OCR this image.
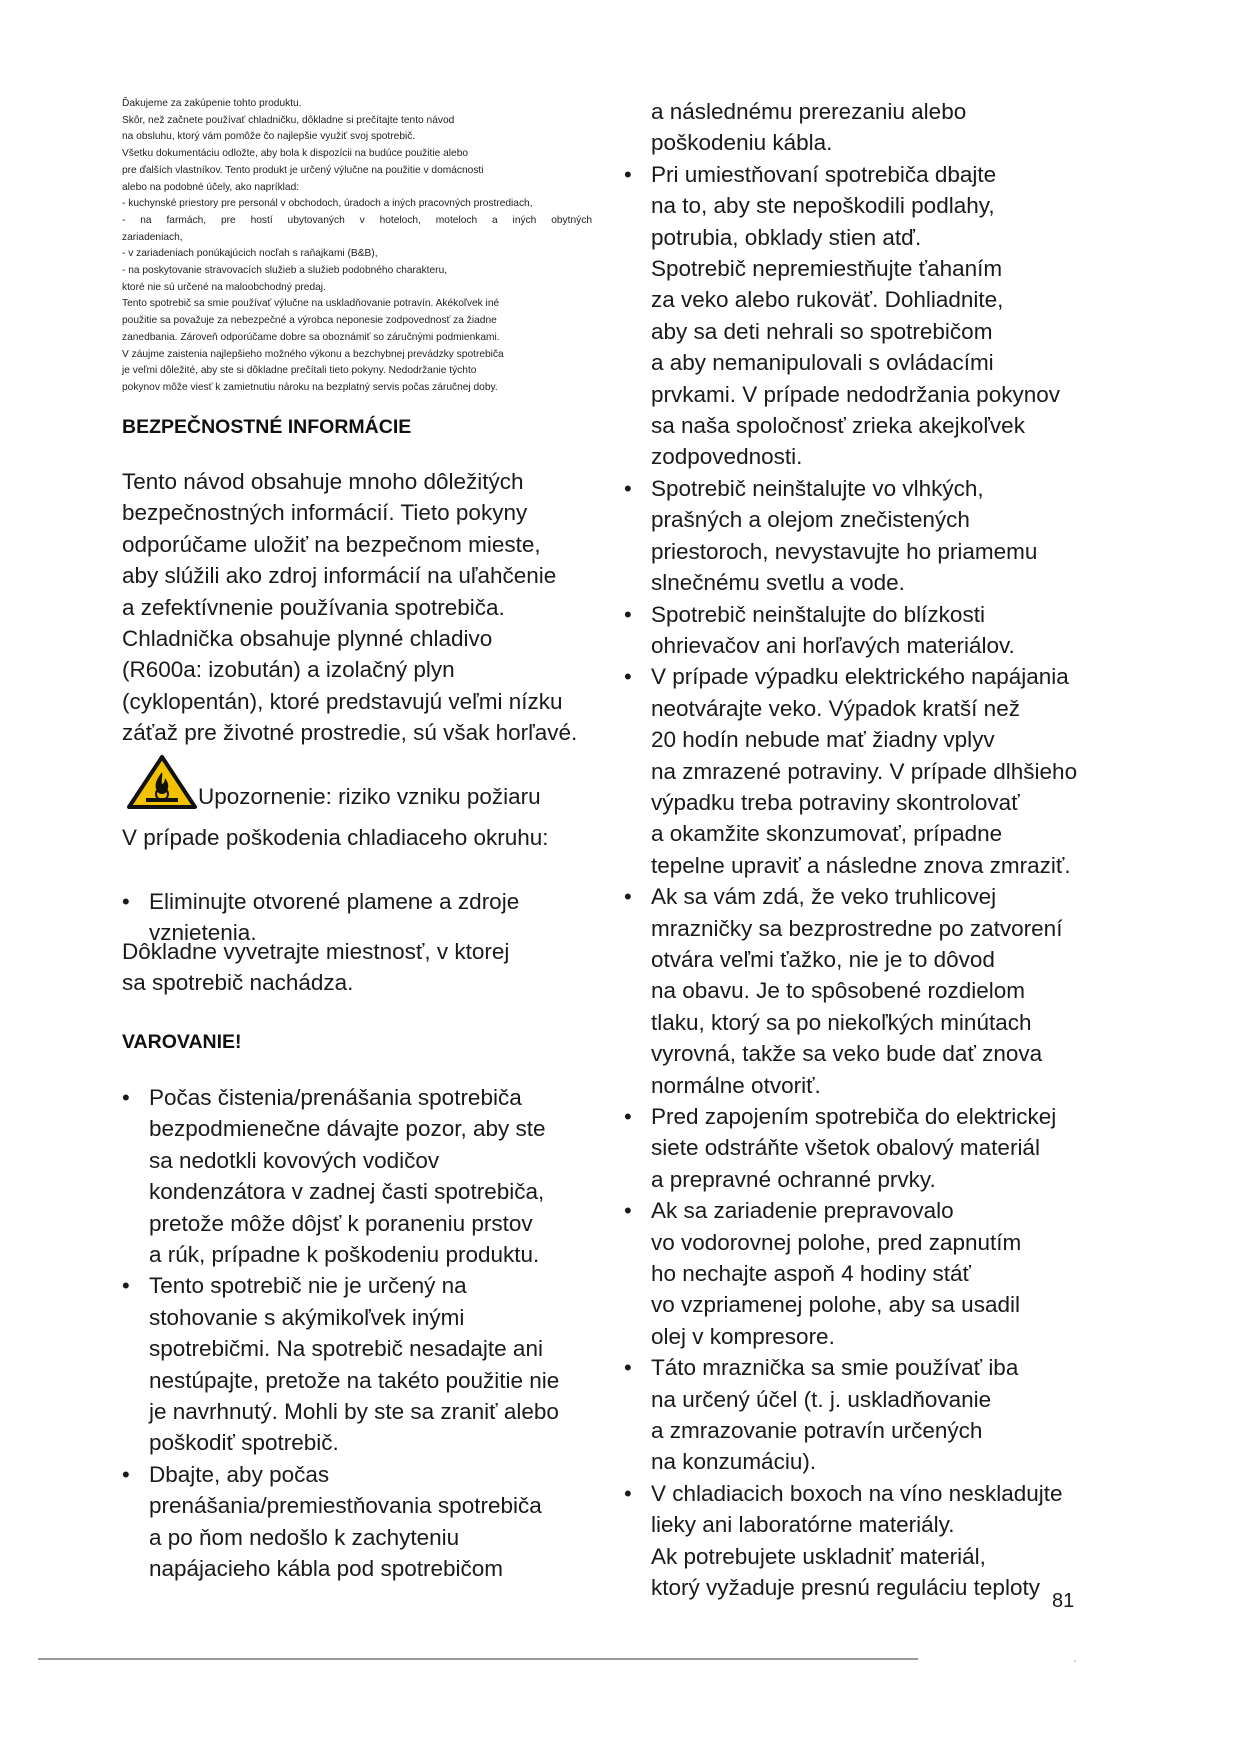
Ďakujeme za zakúpenie tohto produktu.
Skôr, než začnete používať chladničku, dôkladne si prečítajte tento návod
na obsluhu, ktorý vám pomôže čo najlepšie využiť svoj spotrebič.
Všetku dokumentáciu odložte, aby bola k dispozícii na budúce použitie alebo
pre ďalších vlastníkov. Tento produkt je určený výlučne na použitie v domácnosti
alebo na podobné účely, ako napríklad:
- kuchynské priestory pre personál v obchodoch, úradoch a iných pracovných prostrediach,
- na farmách, pre hostí ubytovaných v hoteloch, moteloch a iných obytných
zariadeniach,
- v zariadeniach ponúkajúcich nocľah s raňajkami (B&B),
- na poskytovanie stravovacích služieb a služieb podobného charakteru,
ktoré nie sú určené na maloobchodný predaj.
Tento spotrebič sa smie používať výlučne na uskladňovanie potravín. Akékoľvek iné
použitie sa považuje za nebezpečné a výrobca neponesie zodpovednosť za žiadne
zanedbania. Zároveň odporúčame dobre sa oboznámiť so záručnými podmienkami.
V záujme zaistenia najlepšieho možného výkonu a bezchybnej prevádzky spotrebiča
je veľmi dôležité, aby ste si dôkladne prečítali tieto pokyny. Nedodržanie týchto
pokynov môže viesť k zamietnutiu nároku na bezplatný servis počas záručnej doby.
BEZPEČNOSTNÉ INFORMÁCIE
Tento návod obsahuje mnoho dôležitých
bezpečnostných informácií. Tieto pokyny
odporúčame uložiť na bezpečnom mieste,
aby slúžili ako zdroj informácií na uľahčenie
a zefektívnenie používania spotrebiča.
Chladnička obsahuje plynné chladivo
(R600a: izobután) a izolačný plyn
(cyklopentán), ktoré predstavujú veľmi nízku
záťaž pre životné prostredie, sú však horľavé.
Upozornenie: riziko vzniku požiaru
V prípade poškodenia chladiaceho okruhu:
• Eliminujte otvorené plamene a zdroje
vznietenia.
Dôkladne vyvetrajte miestnosť, v ktorej
sa spotrebič nachádza.
VAROVANIE!
• Počas čistenia/prenášania spotrebiča
bezpodmienečne dávajte pozor, aby ste
sa nedotkli kovových vodičov
kondenzátora v zadnej časti spotrebiča,
pretože môže dôjsť k poraneniu prstov
a rúk, prípadne k poškodeniu produktu.
• Tento spotrebič nie je určený na
stohovanie s akýmikoľvek inými
spotrebičmi. Na spotrebič nesadajte ani
nestúpajte, pretože na takéto použitie nie
je navrhnutý. Mohli by ste sa zraniť alebo
poškodiť spotrebič.
• Dbajte, aby počas
prenášania/premiestňovania spotrebiča
a po ňom nedošlo k zachyteniu
napájacieho kábla pod spotrebičom
a následnému prerezaniu alebo
poškodeniu kábla.
• Pri umiestňovaní spotrebiča dbajte
na to, aby ste nepoškodili podlahy,
potrubia, obklady stien atď.
Spotrebič nepremiestňujte ťahaním
za veko alebo rukoväť. Dohliadnite,
aby sa deti nehrali so spotrebičom
a aby nemanipulovali s ovládacími
prvkami. V prípade nedodržania pokynov
sa naša spoločnosť zrieka akejkoľvek
zodpovednosti.
• Spotrebič neinštalujte vo vlhkých,
prašných a olejom znečistených
priestoroch, nevystavujte ho priamemu
slnečnému svetlu a vode.
• Spotrebič neinštalujte do blízkosti
ohrievačov ani horľavých materiálov.
• V prípade výpadku elektrického napájania
neotvárajte veko. Výpadok kratší než
20 hodín nebude mať žiadny vplyv
na zmrazené potraviny. V prípade dlhšieho
výpadku treba potraviny skontrolovať
a okamžite skonzumovať, prípadne
tepelne upraviť a následne znova zmraziť.
• Ak sa vám zdá, že veko truhlicovej
mrazničky sa bezprostredne po zatvorení
otvára veľmi ťažko, nie je to dôvod
na obavu. Je to spôsobené rozdielom
tlaku, ktorý sa po niekoľkých minútach
vyrovná, takže sa veko bude dať znova
normálne otvoriť.
• Pred zapojením spotrebiča do elektrickej
siete odstráňte všetok obalový materiál
a prepravné ochranné prvky.
• Ak sa zariadenie prepravovalo
vo vodorovnej polohe, pred zapnutím
ho nechajte aspoň 4 hodiny stáť
vo vzpriamenej polohe, aby sa usadil
olej v kompresore.
• Táto mraznička sa smie používať iba
na určený účel (t. j. uskladňovanie
a zmrazovanie potravín určených
na konzumáciu).
• V chladiacich boxoch na víno neskladujte
lieky ani laboratórne materiály.
Ak potrebujete uskladniť materiál,
ktorý vyžaduje presnú reguláciu teploty
81
